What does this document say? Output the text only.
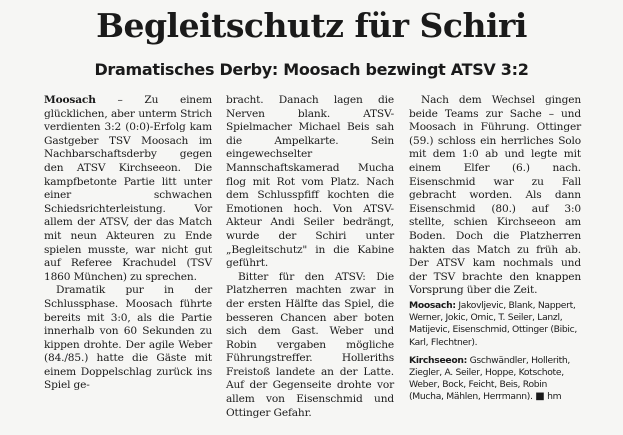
Begleitschutz für Schiri
Dramatisches Derby: Moosach bezwingt ATSV 3:2

Moosach – Zu einem glücklichen, aber unterm Strich verdienten 3:2 (0:0)-Erfolg kam Gastgeber TSV Moosach im Nachbarschaftsderby gegen den ATSV Kirchseeon. Die kampfbetonte Partie litt unter einer schwachen Schiedsrichterleistung. Vor allem der ATSV, der das Match mit neun Akteuren zu Ende spielen musste, war nicht gut auf Referee Krachudel (TSV 1860 München) zu sprechen.

Dramatik pur in der Schlussphase. Moosach führte bereits mit 3:0, als die Partie innerhalb von 60 Sekunden zu kippen drohte. Der agile Weber (84./85.) hatte die Gäste mit einem Doppelschlag zurück ins Spiel ge-

bracht. Danach lagen die Nerven blank. ATSV-Spielmacher Michael Beis sah die Ampelkarte. Sein eingewechselter Mannschaftskamerad Mucha flog mit Rot vom Platz. Nach dem Schlusspfiff kochten die Emotionen hoch. Von ATSV-Akteur Andi Seiler bedrängt, wurde der Schiri unter „Begleitschutz" in die Kabine geführt.

Bitter für den ATSV: Die Platzherren machten zwar in der ersten Hälfte das Spiel, die besseren Chancen aber boten sich dem Gast. Weber und Robin vergaben mögliche Führungstreffer. Holleriths Freistoß landete an der Latte. Auf der Gegenseite drohte vor allem von Eisenschmid und Ottinger Gefahr.

Nach dem Wechsel gingen beide Teams zur Sache – und Moosach in Führung. Ottinger (59.) schloss ein herrliches Solo mit dem 1:0 ab und legte mit einem Elfer (6.) nach. Eisenschmid war zu Fall gebracht worden. Als dann Eisenschmid (80.) auf 3:0 stellte, schien Kirchseeon am Boden. Doch die Platzherren hakten das Match zu früh ab. Der ATSV kam nochmals und der TSV brachte den knappen Vorsprung über die Zeit.

Moosach: Jakovljevic, Blank, Nappert, Werner, Jokic, Omic, T. Seiler, Lanzl, Matijevic, Eisenschmid, Ottinger (Bibic, Karl, Flechtner).
Kirchseeon: Gschwändler, Hollerith, Ziegler, A. Seiler, Hoppe, Kotschote, Weber, Bock, Feicht, Beis, Robin (Mucha, Mählen, Herrmann). ■ hm
